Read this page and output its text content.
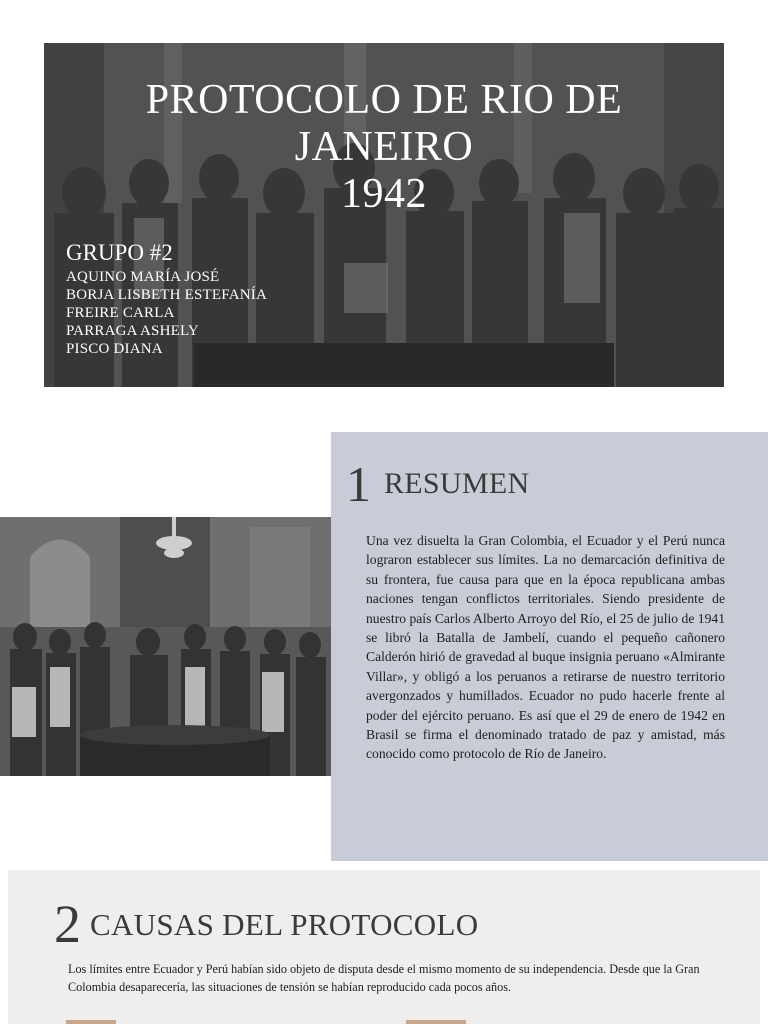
PROTOCOLO DE RIO DE
JANEIRO
1942
GRUPO #2
AQUINO MARÍA JOSÉ
BORJA LISBETH ESTEFANÍA
FREIRE CARLA
PARRAGA ASHELY
PISCO DIANA
1 RESUMEN

Una vez disuelta la Gran Colombia, el Ecuador y el Perú nunca lograron establecer sus límites. La no demarcación definitiva de su frontera, fue causa para que en la época republicana ambas naciones tengan conflictos territoriales. Siendo presidente de nuestro país Carlos Alberto Arroyo del Río, el 25 de julio de 1941 se libró la Batalla de Jambelí, cuando el pequeño cañonero Calderón hirió de gravedad al buque insignia peruano «Almirante Villar», y obligó a los peruanos a retirarse de nuestro territorio avergonzados y humillados. Ecuador no pudo hacerle frente al poder del ejército peruano. Es así que el 29 de enero de 1942 en Brasil se firma el denominado tratado de paz y amistad, más conocido como protocolo de Río de Janeiro.

2 CAUSAS DEL PROTOCOLO

Los límites entre Ecuador y Perú habían sido objeto de disputa desde el mismo momento de su independencia. Desde que la Gran Colombia desaparecería, las situaciones de tensión se habían reproducido cada pocos años.
